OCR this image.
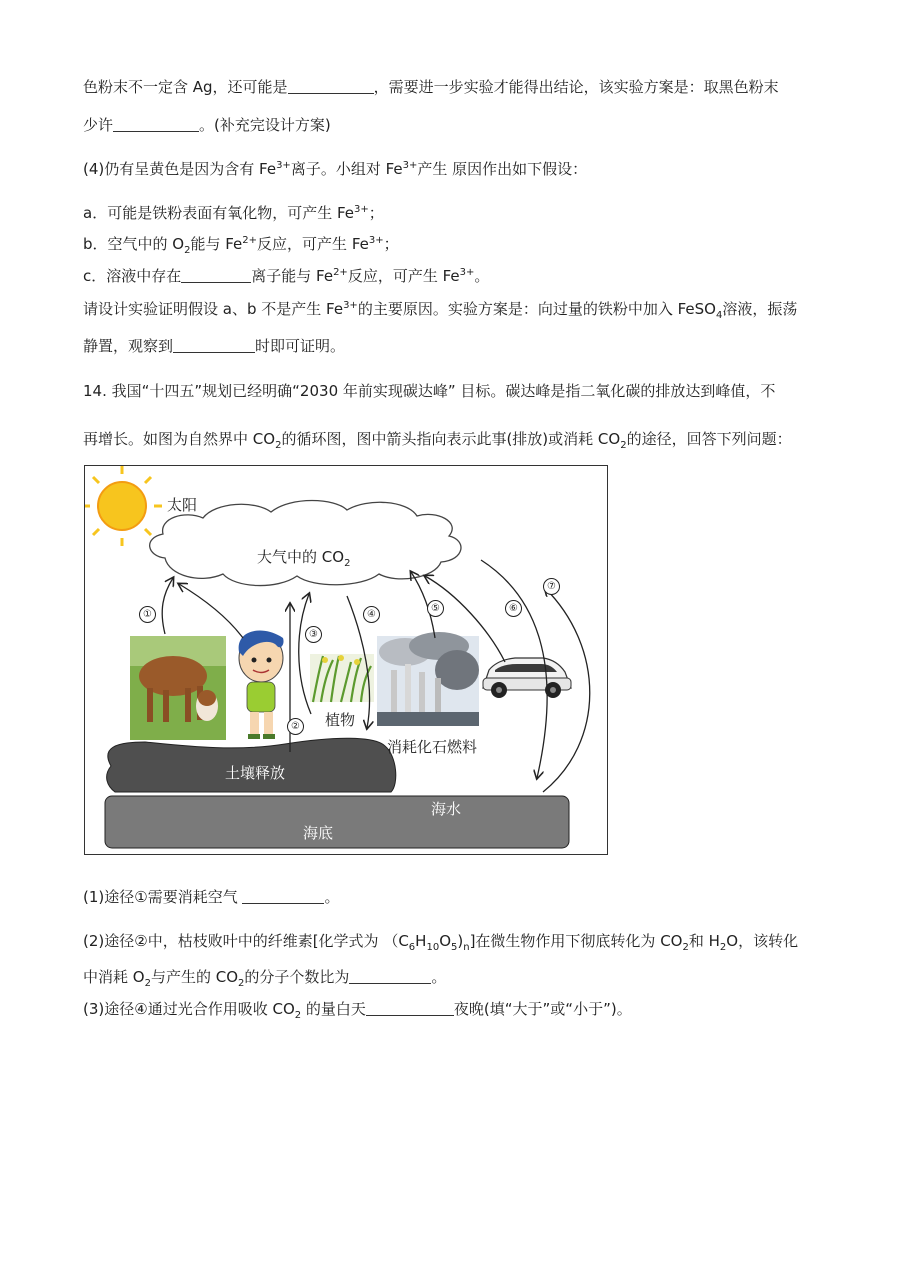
色粉末不一定含 Ag，还可能是	，需要进一步实验才能得出结论，该实验方案是：取黑色粉末
少许	。(补充完设计方案)
(4)仍有呈黄色是因为含有 $Fe^{3+}$离子。小组对 $Fe^{3+}$产生 原因作出如下假设：
a．可能是铁粉表面有氧化物，可产生 $Fe^{3+}$；
b．空气中的 $O_2$能与 $Fe^{2+}$反应，可产生 $Fe^{3+}$；
c．溶液中存在	离子能与 $Fe^{2+}$反应，可产生 $Fe^{3+}$。
请设计实验证明假设 a、b 不是产生 $Fe^{3+}$的主要原因。实验方案是：向过量的铁粉中加入 FeSO$_4$溶液，振荡
静置，观察到	时即可证明。
14. 我国“十四五”规划已经明确“2030 年前实现碳达峰” 目标。碳达峰是指二氧化碳的排放达到峰值，不
再增长。如图为自然界中 $CO_2$的循环图，图中箭头指向表示此事(排放)或消耗 $CO_2$的途径，回答下列问题：
太阳
大气中的 $CO_2$
植物
消耗化石燃料
土壤释放
海水
海底
①
②
③
④
⑤	⑥
⑦
(1)途径①需要消耗空气	。
(2)途径②中，枯枝败叶中的纤维素[化学式为 $(C_6H_{10}O_5)_n$]在微生物作用下彻底转化为 $CO_2$和 $H_2O$，该转化
中消耗 $O_2$与产生的 $CO_2$的分子个数比为	。
(3)途径④通过光合作用吸收 $CO_2$ 的量白天	夜晚(填“大于”或“小于”)。
